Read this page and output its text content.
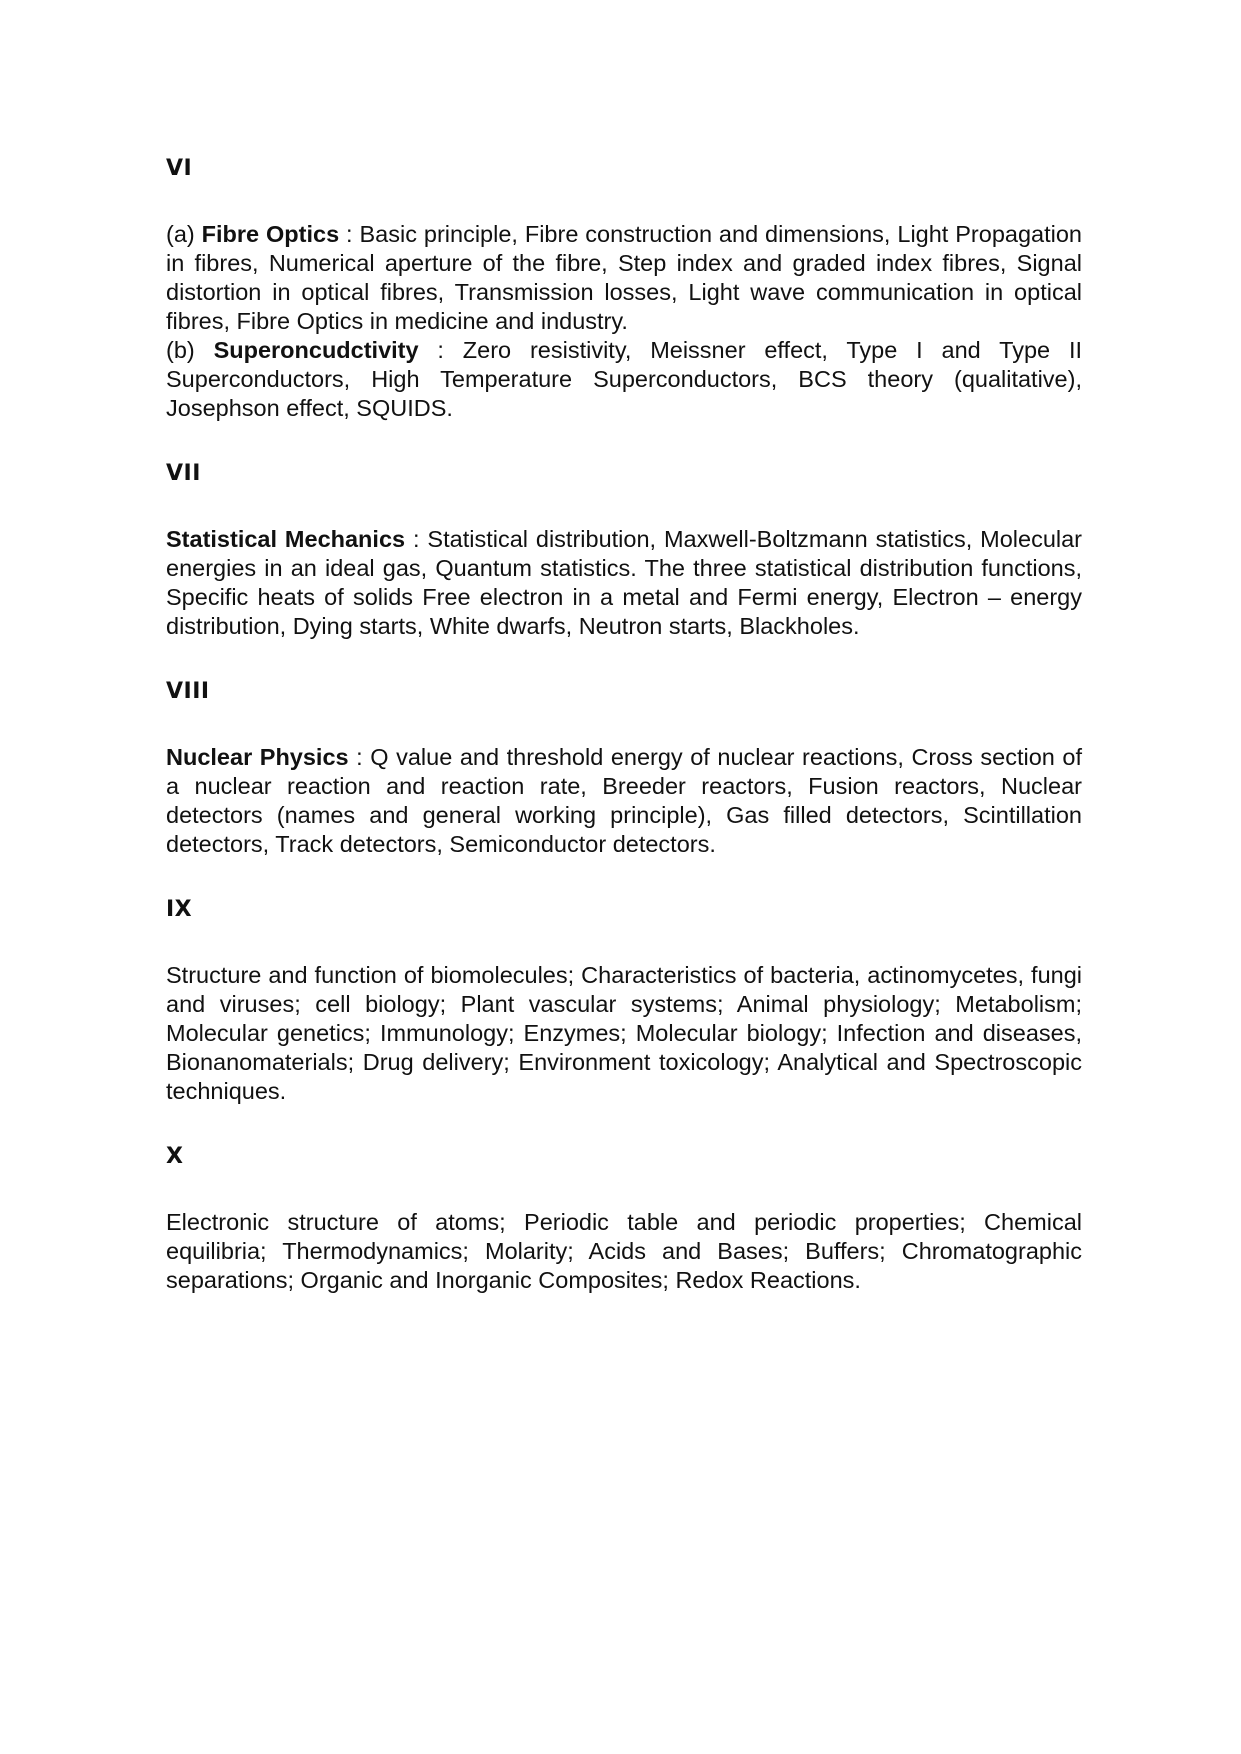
VI

(a) Fibre Optics : Basic principle, Fibre construction and dimensions, Light Propagation in fibres, Numerical aperture of the fibre, Step index and graded index fibres, Signal distortion in optical fibres, Transmission losses, Light wave communication in optical fibres, Fibre Optics in medicine and industry.

(b) Superoncudctivity : Zero resistivity, Meissner effect, Type I and Type II Superconductors, High Temperature Superconductors, BCS theory (qualitative), Josephson effect, SQUIDS.

VII

Statistical Mechanics : Statistical distribution, Maxwell-Boltzmann statistics, Molecular energies in an ideal gas, Quantum statistics. The three statistical distribution functions, Specific heats of solids Free electron in a metal and Fermi energy, Electron – energy distribution, Dying starts, White dwarfs, Neutron starts, Blackholes.

VIII

Nuclear Physics : Q value and threshold energy of nuclear reactions, Cross section of a nuclear reaction and reaction rate, Breeder reactors, Fusion reactors, Nuclear detectors (names and general working principle), Gas filled detectors, Scintillation detectors, Track detectors, Semiconductor detectors.

IX

Structure and function of biomolecules; Characteristics of bacteria, actinomycetes, fungi and viruses; cell biology; Plant vascular systems; Animal physiology; Metabolism; Molecular genetics; Immunology; Enzymes; Molecular biology; Infection and diseases, Bionanomaterials; Drug delivery; Environment toxicology; Analytical and Spectroscopic techniques.

X

Electronic structure of atoms; Periodic table and periodic properties; Chemical equilibria; Thermodynamics; Molarity; Acids and Bases; Buffers; Chromatographic separations; Organic and Inorganic Composites; Redox Reactions.
